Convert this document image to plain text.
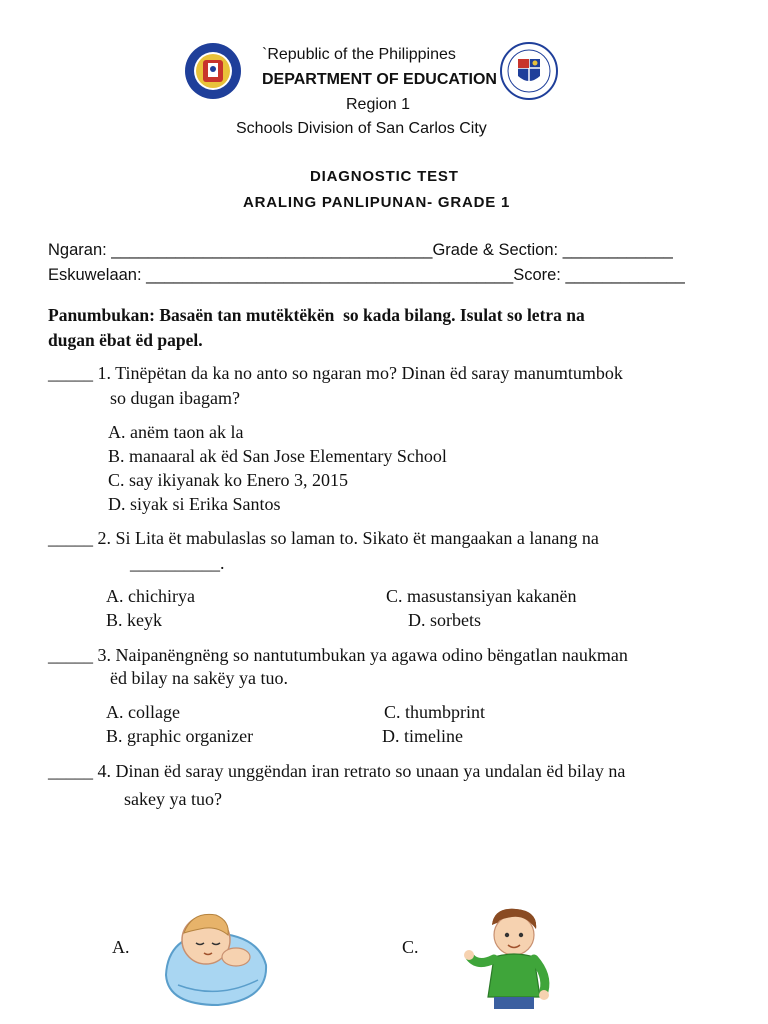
`Republic of the Philippines
DEPARTMENT OF EDUCATION
Region 1
Schools Division of San Carlos City
DIAGNOSTIC TEST
ARALING PANLIPUNAN- GRADE 1
Ngaran: ___________________________________Grade & Section: ____________
Eskuwelaan: ________________________________________Score: _____________
Panumbukan: Basaën tan mutëktëkën  so kada bilang. Isulat so letra na
dugan ëbat ëd papel.
_____ 1. Tinëpëtan da ka no anto so ngaran mo? Dinan ëd saray manumtumbok
so dugan ibagam?
A. anëm taon ak la
B. manaaral ak ëd San Jose Elementary School
C. say ikiyanak ko Enero 3, 2015
D. siyak si Erika Santos
_____ 2. Si Lita ët mabulaslas so laman to. Sikato ët mangaakan a lanang na
__________.
A. chichirya
B. keyk
C. masustansiyan kakanën
D. sorbets
_____ 3. Naipanëngnëng so nantutumbukan ya agawa odino bëngatlan naukman
ëd bilay na sakëy ya tuo.
A. collage
B. graphic organizer
C. thumbprint
D. timeline
_____ 4. Dinan ëd saray unggëndan iran retrato so unaan ya undalan ëd bilay na
sakey ya tuo?
A.	C.
